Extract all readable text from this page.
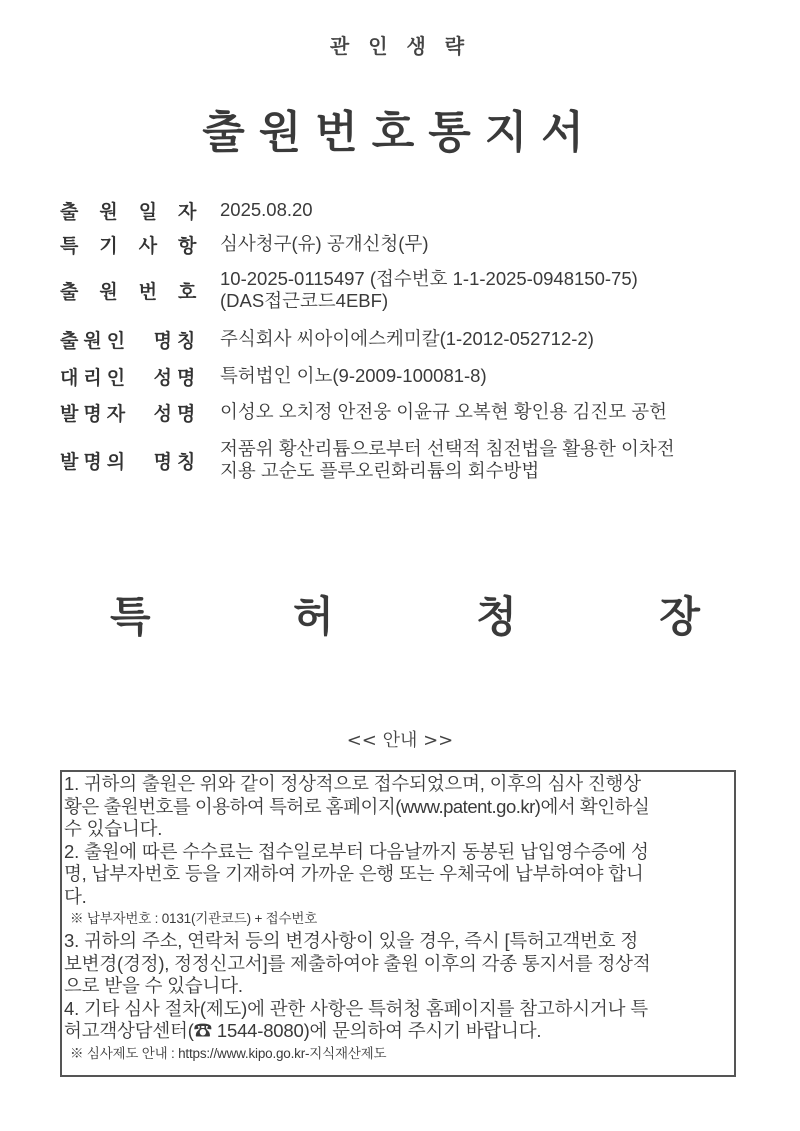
관 인 생 략
출원번호통지서
출원일자 2025.08.20
특기사항 심사청구(유) 공개신청(무)
출원번호
10-2025-0115497 (접수번호 1-1-2025-0948150-75)
(DAS접근코드4EBF)
출원인 명칭 주식회사 씨아이에스케미칼(1-2012-052712-2)
대리인 성명 특허법인 이노(9-2009-100081-8)
발명자 성명 이성오 오치정 안전웅 이윤규 오복현 황인용 김진모 공헌
발명의 명칭
저품위 황산리튬으로부터 선택적 침전법을 활용한 이차전
지용 고순도 플루오린화리튬의 회수방법
특	허	청	장
<< 안내 >>

1. 귀하의 출원은 위와 같이 정상적으로 접수되었으며, 이후의 심사 진행상

황은 출원번호를 이용하여 특허로 홈페이지(www.patent.go.kr)에서 확인하실

수 있습니다.

2. 출원에 따른 수수료는 접수일로부터 다음날까지 동봉된 납입영수증에 성

명, 납부자번호 등을 기재하여 가까운 은행 또는 우체국에 납부하여야 합니

다.

※ 납부자번호 : 0131(기관코드) + 접수번호

3. 귀하의 주소, 연락처 등의 변경사항이 있을 경우, 즉시 [특허고객번호 정

보변경(경정), 정정신고서]를 제출하여야 출원 이후의 각종 통지서를 정상적

으로 받을 수 있습니다.

4. 기타 심사 절차(제도)에 관한 사항은 특허청 홈페이지를 참고하시거나 특

허고객상담센터(☎ 1544-8080)에 문의하여 주시기 바랍니다.

※ 심사제도 안내 : https://www.kipo.go.kr-지식재산제도
